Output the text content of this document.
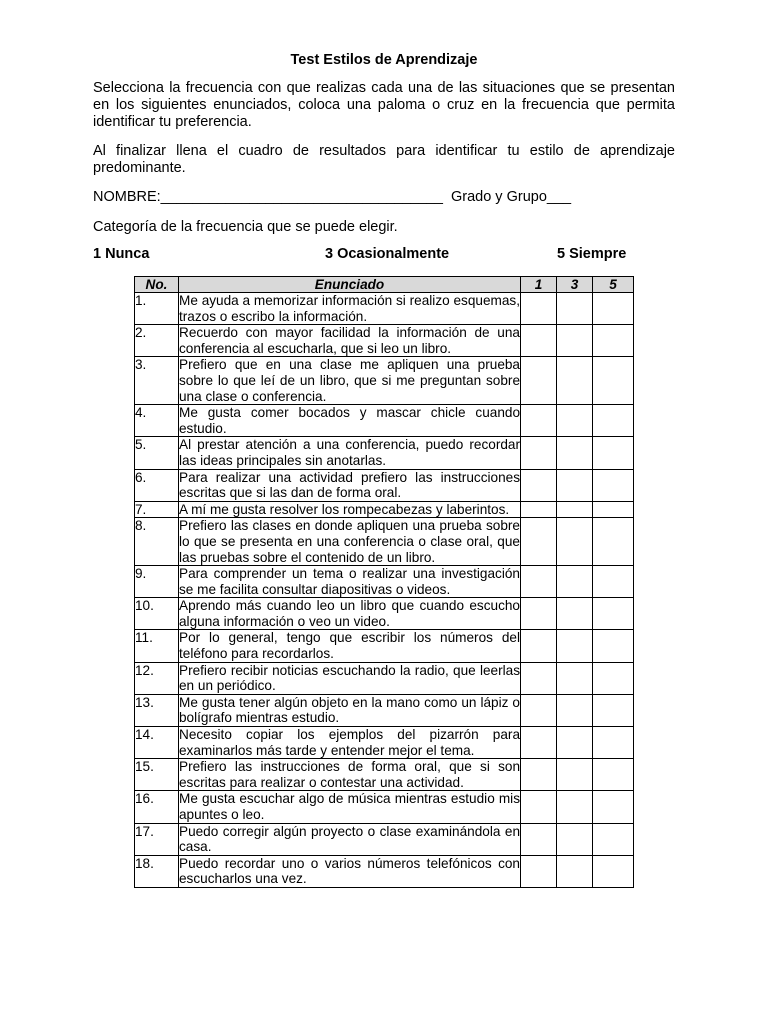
Test Estilos de Aprendizaje
Selecciona la frecuencia con que realizas cada una de las situaciones que se presentan en los siguientes enunciados, coloca una paloma o cruz en la frecuencia que permita identificar tu preferencia.
Al finalizar llena el cuadro de resultados para identificar tu estilo de aprendizaje predominante.
NOMBRE:___________________________________  Grado y Grupo___
Categoría de la frecuencia que se puede elegir.
1 Nunca	3 Ocasionalmente	5 Siempre
No.	Enunciado	1	3	5
1.	Me ayuda a memorizar información si realizo esquemas, trazos o escribo la información.			
2.	Recuerdo con mayor facilidad la información de una conferencia al escucharla, que si leo un libro.			
3.	Prefiero que en una clase me apliquen una prueba sobre lo que leí de un libro, que si me preguntan sobre una clase o conferencia.			
4.	Me gusta comer bocados y mascar chicle cuando estudio.			
5.	Al prestar atención a una conferencia, puedo recordar las ideas principales sin anotarlas.			
6.	Para realizar una actividad prefiero las instrucciones escritas que si las dan de forma oral.			
7.	A mí me gusta resolver los rompecabezas y laberintos.			
8.	Prefiero las clases en donde apliquen una prueba sobre lo que se presenta en una conferencia o clase oral, que las pruebas sobre el contenido de un libro.			
9.	Para comprender un tema o realizar una investigación se me facilita consultar diapositivas o videos.			
10.	Aprendo más cuando leo un libro que cuando escucho alguna información o veo un video.			
11.	Por lo general, tengo que escribir los números del teléfono para recordarlos.			
12.	Prefiero recibir noticias escuchando la radio, que leerlas en un periódico.			
13.	Me gusta tener algún objeto en la mano como un lápiz o bolígrafo mientras estudio.			
14.	Necesito copiar los ejemplos del pizarrón para examinarlos más tarde y entender mejor el tema.			
15.	Prefiero las instrucciones de forma oral, que si son escritas para realizar o contestar una actividad.			
16.	Me gusta escuchar algo de música mientras estudio mis apuntes o leo.			
17.	Puedo corregir algún proyecto o clase examinándola en casa.			
18.	Puedo recordar uno o varios números telefónicos con escucharlos una vez.			
